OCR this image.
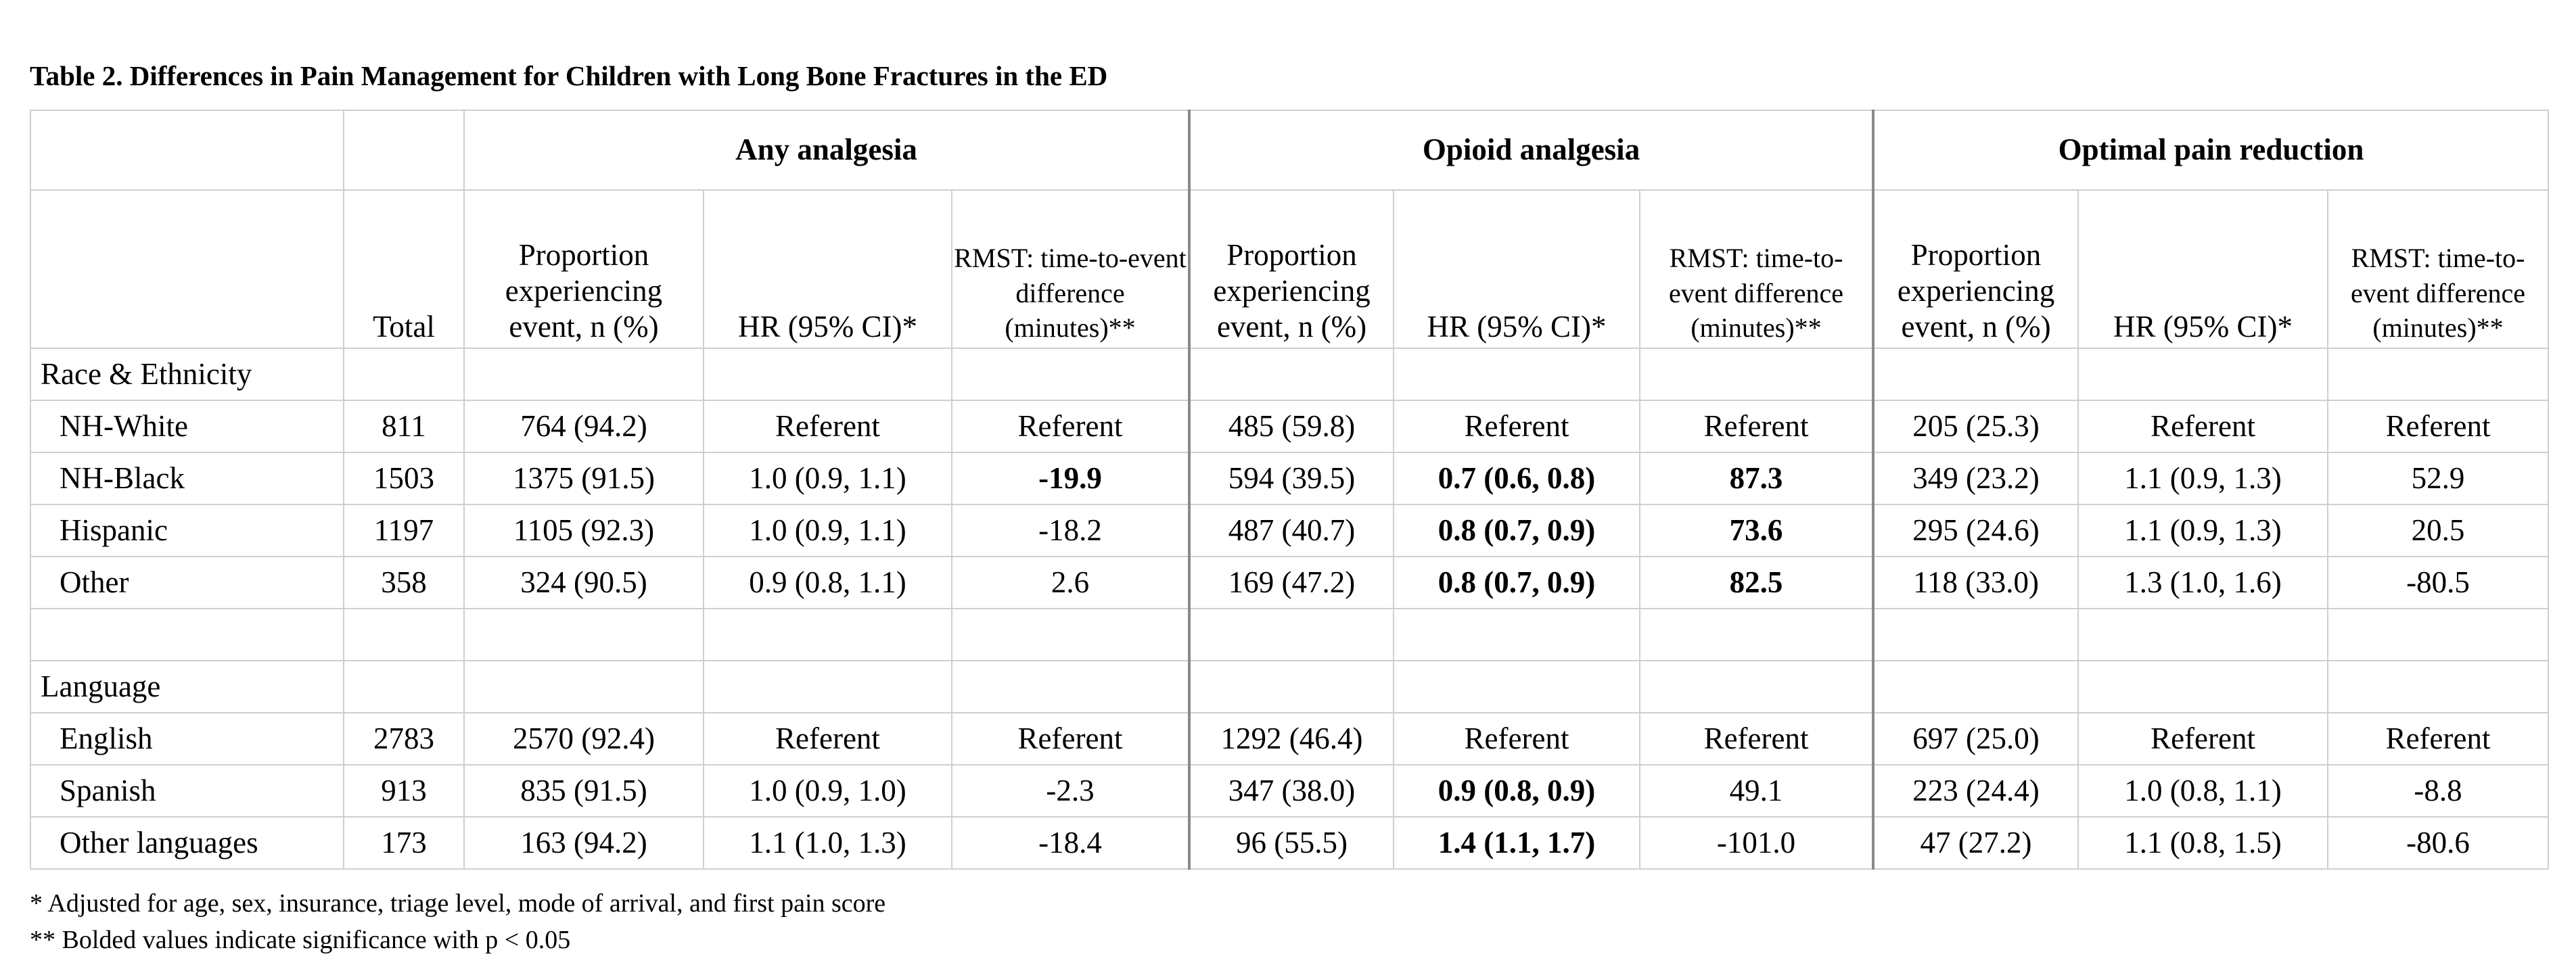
Table 2. Differences in Pain Management for Children with Long Bone Fractures in the ED
		Any analgesia			Opioid analgesia			Optimal pain reduction		

	Total	Proportion experiencing event, n (%)	HR (95% CI)*	RMST: time-to-event difference (minutes)**	Proportion experiencing event, n (%)	HR (95% CI)*	RMST: time-to-event difference (minutes)**	Proportion experiencing event, n (%)	HR (95% CI)*	RMST: time-to-event difference (minutes)**

Race & Ethnicity										
NH-White	811	764 (94.2)	Referent	Referent	485 (59.8)	Referent	Referent	205 (25.3)	Referent	Referent
NH-Black	1503	1375 (91.5)	1.0 (0.9, 1.1)	-19.9	594 (39.5)	0.7 (0.6, 0.8)	87.3	349 (23.2)	1.1 (0.9, 1.3)	52.9
Hispanic	1197	1105 (92.3)	1.0 (0.9, 1.1)	-18.2	487 (40.7)	0.8 (0.7, 0.9)	73.6	295 (24.6)	1.1 (0.9, 1.3)	20.5
Other	358	324 (90.5)	0.9 (0.8, 1.1)	2.6	169 (47.2)	0.8 (0.7, 0.9)	82.5	118 (33.0)	1.3 (1.0, 1.6)	-80.5

Language										
English	2783	2570 (92.4)	Referent	Referent	1292 (46.4)	Referent	Referent	697 (25.0)	Referent	Referent
Spanish	913	835 (91.5)	1.0 (0.9, 1.0)	-2.3	347 (38.0)	0.9 (0.8, 0.9)	49.1	223 (24.4)	1.0 (0.8, 1.1)	-8.8
Other languages	173	163 (94.2)	1.1 (1.0, 1.3)	-18.4	96 (55.5)	1.4 (1.1, 1.7)	-101.0	47 (27.2)	1.1 (0.8, 1.5)	-80.6
* Adjusted for age, sex, insurance, triage level, mode of arrival, and first pain score
** Bolded values indicate significance with p < 0.05
